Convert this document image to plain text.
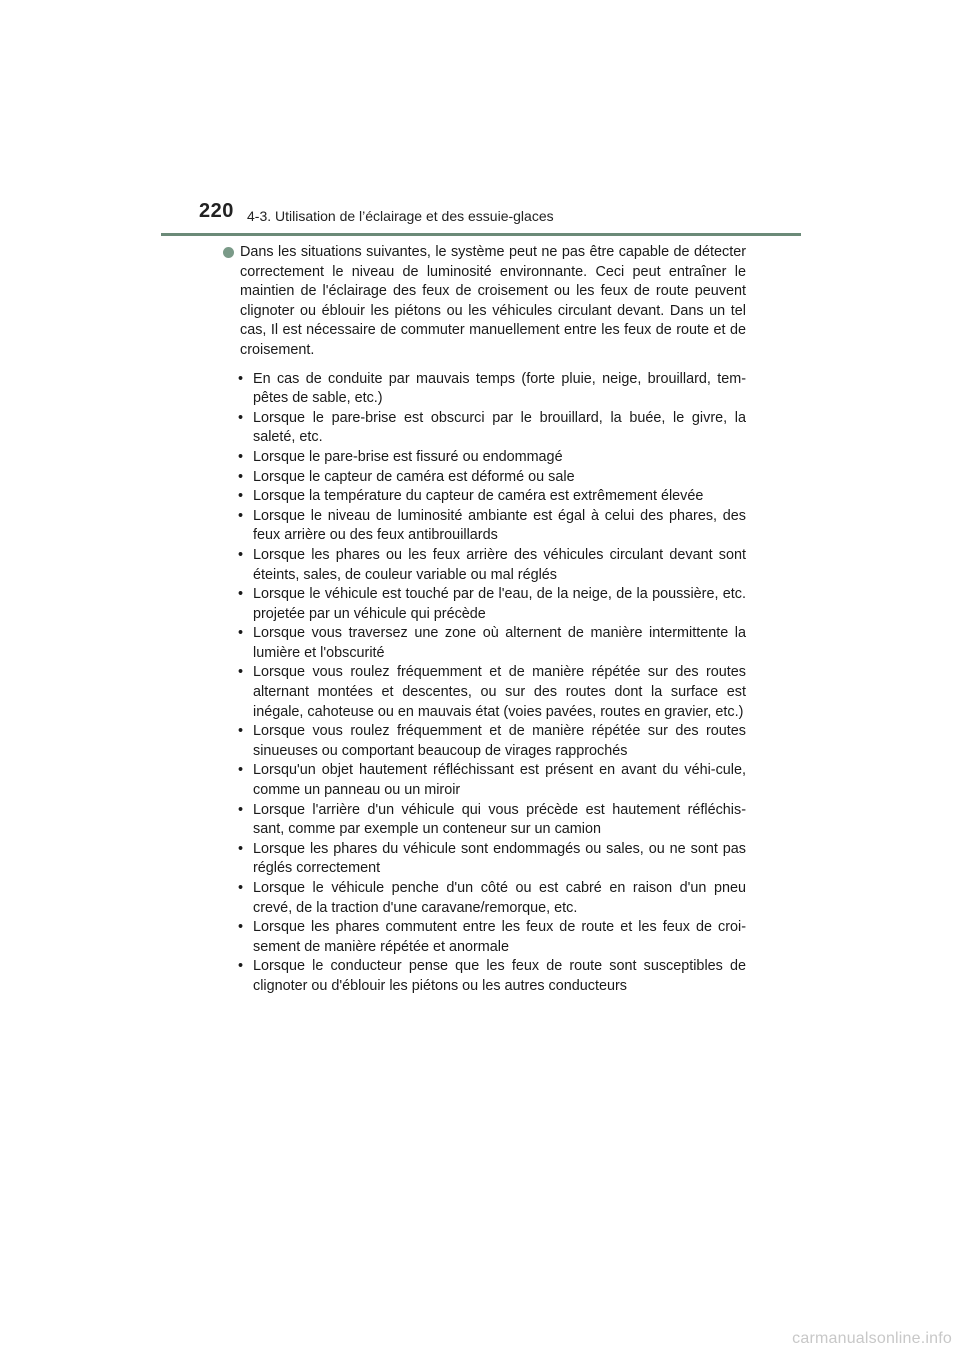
220 4-3. Utilisation de l’éclairage et des essuie-glaces
Dans les situations suivantes, le système peut ne pas être capable de détecter correctement le niveau de luminosité environnante. Ceci peut entraîner le maintien de l'éclairage des feux de croisement ou les feux de route peuvent clignoter ou éblouir les piétons ou les véhicules circulant devant. Dans un tel cas, Il est nécessaire de commuter manuellement entre les feux de route et de croisement.
• En cas de conduite par mauvais temps (forte pluie, neige, brouillard, tem-pêtes de sable, etc.)
• Lorsque le pare-brise est obscurci par le brouillard, la buée, le givre, la saleté, etc.
• Lorsque le pare-brise est fissuré ou endommagé
• Lorsque le capteur de caméra est déformé ou sale
• Lorsque la température du capteur de caméra est extrêmement élevée
• Lorsque le niveau de luminosité ambiante est égal à celui des phares, des feux arrière ou des feux antibrouillards
• Lorsque les phares ou les feux arrière des véhicules circulant devant sont éteints, sales, de couleur variable ou mal réglés
• Lorsque le véhicule est touché par de l'eau, de la neige, de la poussière, etc. projetée par un véhicule qui précède
• Lorsque vous traversez une zone où alternent de manière intermittente la lumière et l'obscurité
• Lorsque vous roulez fréquemment et de manière répétée sur des routes alternant montées et descentes, ou sur des routes dont la surface est inégale, cahoteuse ou en mauvais état (voies pavées, routes en gravier, etc.)
• Lorsque vous roulez fréquemment et de manière répétée sur des routes sinueuses ou comportant beaucoup de virages rapprochés
• Lorsqu'un objet hautement réfléchissant est présent en avant du véhi-cule, comme un panneau ou un miroir
• Lorsque l'arrière d'un véhicule qui vous précède est hautement réfléchis-sant, comme par exemple un conteneur sur un camion
• Lorsque les phares du véhicule sont endommagés ou sales, ou ne sont pas réglés correctement
• Lorsque le véhicule penche d'un côté ou est cabré en raison d'un pneu crevé, de la traction d'une caravane/remorque, etc.
• Lorsque les phares commutent entre les feux de route et les feux de croi-sement de manière répétée et anormale
• Lorsque le conducteur pense que les feux de route sont susceptibles de clignoter ou d'éblouir les piétons ou les autres conducteurs
carmanualsonline.info
